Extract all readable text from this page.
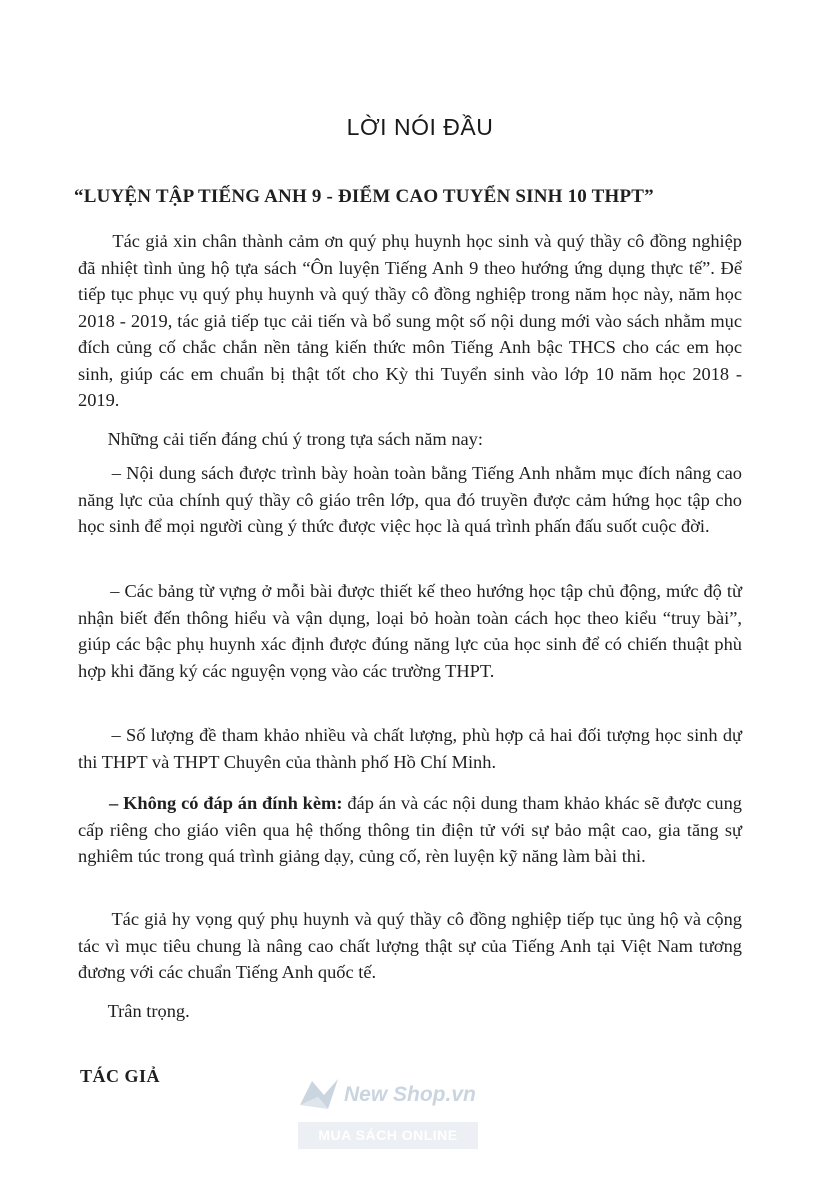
LỜI NÓI ĐẦU
“LUYỆN TẬP TIẾNG ANH 9 - ĐIỂM CAO TUYỂN SINH 10 THPT”
Tác giả xin chân thành cảm ơn quý phụ huynh học sinh và quý thầy cô đồng nghiệp đã nhiệt tình ủng hộ tựa sách “Ôn luyện Tiếng Anh 9 theo hướng ứng dụng thực tế”. Để tiếp tục phục vụ quý phụ huynh và quý thầy cô đồng nghiệp trong năm học này, năm học 2018 - 2019, tác giả tiếp tục cải tiến và bổ sung một số nội dung mới vào sách nhằm mục đích củng cố chắc chắn nền tảng kiến thức môn Tiếng Anh bậc THCS cho các em học sinh, giúp các em chuẩn bị thật tốt cho Kỳ thi Tuyển sinh vào lớp 10 năm học 2018 - 2019.
Những cải tiến đáng chú ý trong tựa sách năm nay:
– Nội dung sách được trình bày hoàn toàn bằng Tiếng Anh nhằm mục đích nâng cao năng lực của chính quý thầy cô giáo trên lớp, qua đó truyền được cảm hứng học tập cho học sinh để mọi người cùng ý thức được việc học là quá trình phấn đấu suốt cuộc đời.
– Các bảng từ vựng ở mỗi bài được thiết kế theo hướng học tập chủ động, mức độ từ nhận biết đến thông hiểu và vận dụng, loại bỏ hoàn toàn cách học theo kiểu “truy bài”, giúp các bậc phụ huynh xác định được đúng năng lực của học sinh để có chiến thuật phù hợp khi đăng ký các nguyện vọng vào các trường THPT.
– Số lượng đề tham khảo nhiều và chất lượng, phù hợp cả hai đối tượng học sinh dự thi THPT và THPT Chuyên của thành phố Hồ Chí Minh.
– Không có đáp án đính kèm: đáp án và các nội dung tham khảo khác sẽ được cung cấp riêng cho giáo viên qua hệ thống thông tin điện tử với sự bảo mật cao, gia tăng sự nghiêm túc trong quá trình giảng dạy, củng cố, rèn luyện kỹ năng làm bài thi.
Tác giả hy vọng quý phụ huynh và quý thầy cô đồng nghiệp tiếp tục ủng hộ và cộng tác vì mục tiêu chung là nâng cao chất lượng thật sự của Tiếng Anh tại Việt Nam tương đương với các chuẩn Tiếng Anh quốc tế.
Trân trọng.
TÁC GIẢ
New Shop.vn
MUA SÁCH ONLINE
